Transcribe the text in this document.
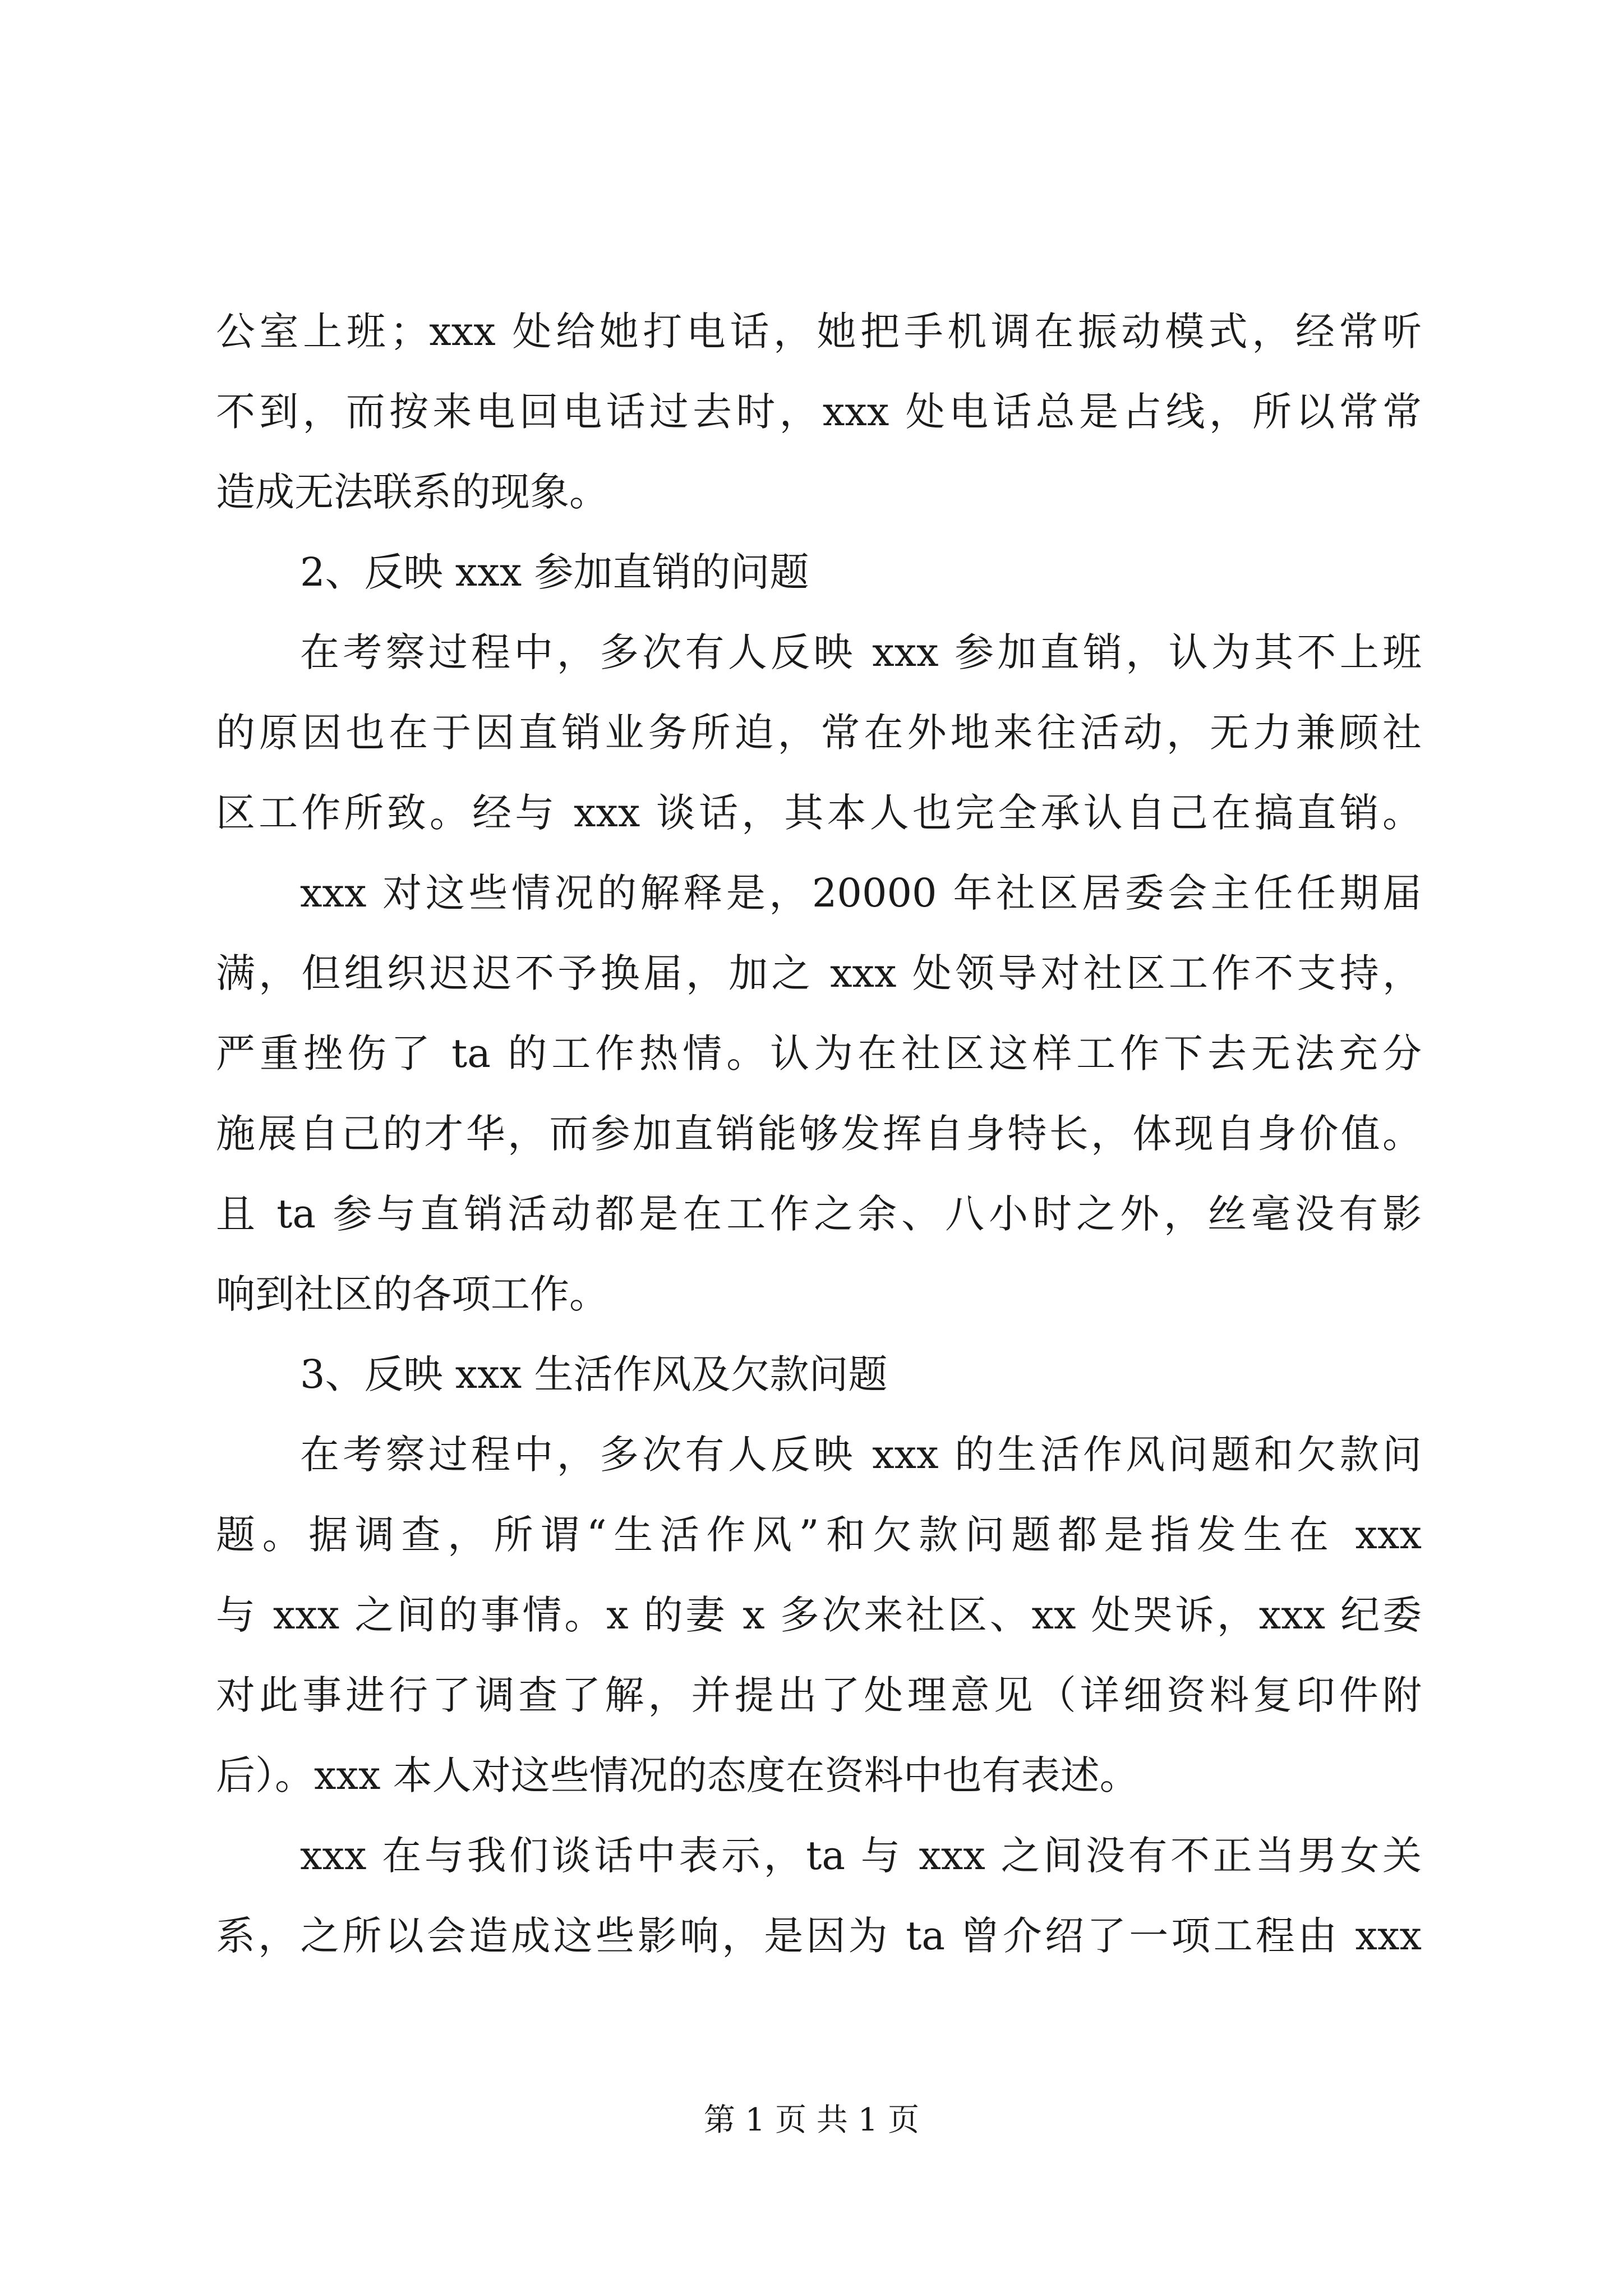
公室上班；xxx 处给她打电话，她把手机调在振动模式，经常听
不到，而按来电回电话过去时，xxx 处电话总是占线，所以常常
造成无法联系的现象。
2、反映 xxx 参加直销的问题
在考察过程中，多次有人反映 xxx 参加直销，认为其不上班
的原因也在于因直销业务所迫，常在外地来往活动，无力兼顾社
区工作所致。经与 xxx 谈话，其本人也完全承认自己在搞直销。
xxx 对这些情况的解释是，20000 年社区居委会主任任期届
满，但组织迟迟不予换届，加之 xxx 处领导对社区工作不支持，
严重挫伤了 ta 的工作热情。认为在社区这样工作下去无法充分
施展自己的才华，而参加直销能够发挥自身特长，体现自身价值。
且 ta 参与直销活动都是在工作之余、八小时之外，丝毫没有影
响到社区的各项工作。
3、反映 xxx 生活作风及欠款问题
在考察过程中，多次有人反映 xxx 的生活作风问题和欠款问
题。据调查，所谓“生活作风”和欠款问题都是指发生在 xxx
与 xxx 之间的事情。x 的妻 x 多次来社区、xx 处哭诉，xxx 纪委
对此事进行了调查了解，并提出了处理意见（详细资料复印件附
后）。xxx 本人对这些情况的态度在资料中也有表述。
xxx 在与我们谈话中表示，ta 与 xxx 之间没有不正当男女关
系，之所以会造成这些影响，是因为 ta 曾介绍了一项工程由 xxx
第 1 页 共 1 页
